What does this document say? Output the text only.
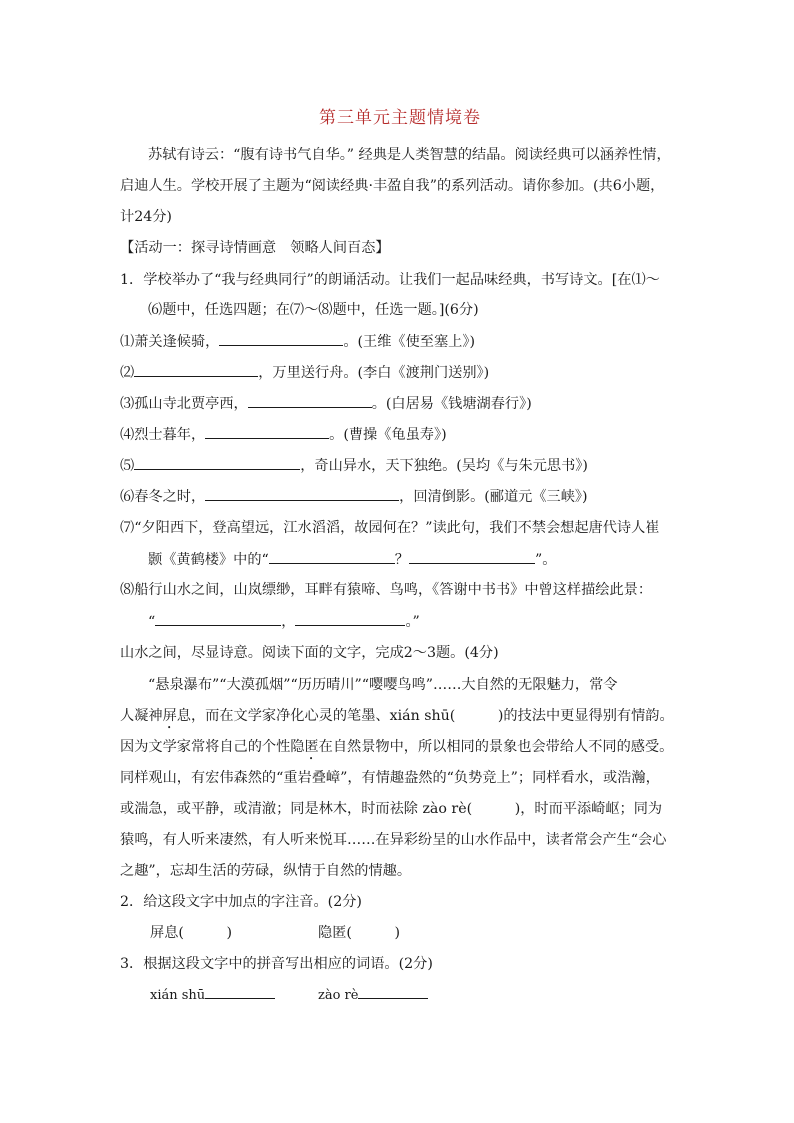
第三单元主题情境卷
苏轼有诗云：“腹有诗书气自华。” 经典是人类智慧的结晶。阅读经典可以涵养性情，
启迪人生。学校开展了主题为“阅读经典·丰盈自我”的系列活动。请你参加。(共6小题，
计24分)
【活动一：探寻诗情画意　领略人间百态】
1．学校举办了“我与经典同行”的朗诵活动。让我们一起品味经典，书写诗文。[在⑴～
⑹题中，任选四题；在⑺～⑻题中，任选一题。](6分)
⑴萧关逢候骑，	。(王维《使至塞上》)
⑵	，万里送行舟。(李白《渡荆门送别》)
⑶孤山寺北贾亭西，	。(白居易《钱塘湖春行》)
⑷烈士暮年，	。(曹操《龟虽寿》)
⑸	，奇山异水，天下独绝。(吴均《与朱元思书》)
⑹春冬之时，	，回清倒影。(郦道元《三峡》)
⑺“夕阳西下，登高望远，江水滔滔，故园何在？”读此句，我们不禁会想起唐代诗人崔
颢《黄鹤楼》中的“	？	”。
⑻船行山水之间，山岚缥缈，耳畔有猿啼、鸟鸣，《答谢中书书》中曾这样描绘此景：
“	，	。”
山水之间，尽显诗意。阅读下面的文字，完成2～3题。(4分)
“悬泉瀑布”“大漠孤烟”“历历晴川”“嘤嘤鸟鸣”……大自然的无限魅力，常令
人凝神屏息，而在文学家净化心灵的笔墨、xián shū(　　　)的技法中更显得别有情韵。
因为文学家常将自己的个性隐匿在自然景物中，所以相同的景象也会带给人不同的感受。
同样观山，有宏伟森然的“重岩叠嶂”，有情趣盎然的“负势竞上”；同样看水，或浩瀚，
或湍急，或平静，或清澈；同是林木，时而祛除 zào rè(　　　)，时而平添崎岖；同为
猿鸣，有人听来凄然，有人听来悦耳……在异彩纷呈的山水作品中，读者常会产生“会心
之趣”，忘却生活的劳碌，纵情于自然的情趣。
2．给这段文字中加点的字注音。(2分)
屏息(　　　)	隐匿(　　　)
3．根据这段文字中的拼音写出相应的词语。(2分)
xián shū	zào rè
